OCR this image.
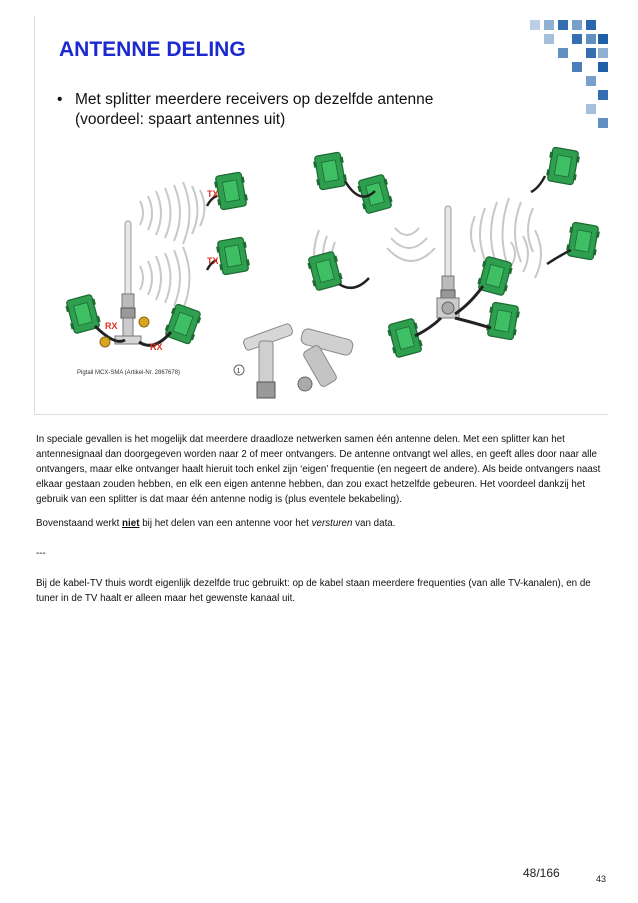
ANTENNE DELING
• Met splitter meerdere receivers op dezelfde antenne
(voordeel: spaart antennes uit)
RX
RX
Pigtail MCX-SMA (Artikel-Nr. 2867678)
TX
TX
1

In speciale gevallen is het mogelijk dat meerdere draadloze netwerken samen één antenne delen. Met een splitter kan het antennesignaal dan doorgegeven worden naar 2 of meer ontvangers. De antenne ontvangt wel alles, en geeft alles door naar alle ontvangers, maar elke ontvanger haalt hieruit toch enkel zijn ‘eigen’ frequentie (en negeert de andere). Als beide ontvangers naast elkaar gestaan zouden hebben, en elk een eigen antenne hebben, dan zou exact hetzelfde gebeuren. Het voordeel dankzij het gebruik van een splitter is dat maar één antenne nodig is (plus eventele bekabeling).

Bovenstaand werkt niet bij het delen van een antenne voor het versturen van data.

---

Bij de kabel-TV thuis wordt eigenlijk dezelfde truc gebruikt: op de kabel staan meerdere frequenties (van alle TV-kanalen), en de tuner in de TV haalt er alleen maar het gewenste kanaal uit.

48/166	43
